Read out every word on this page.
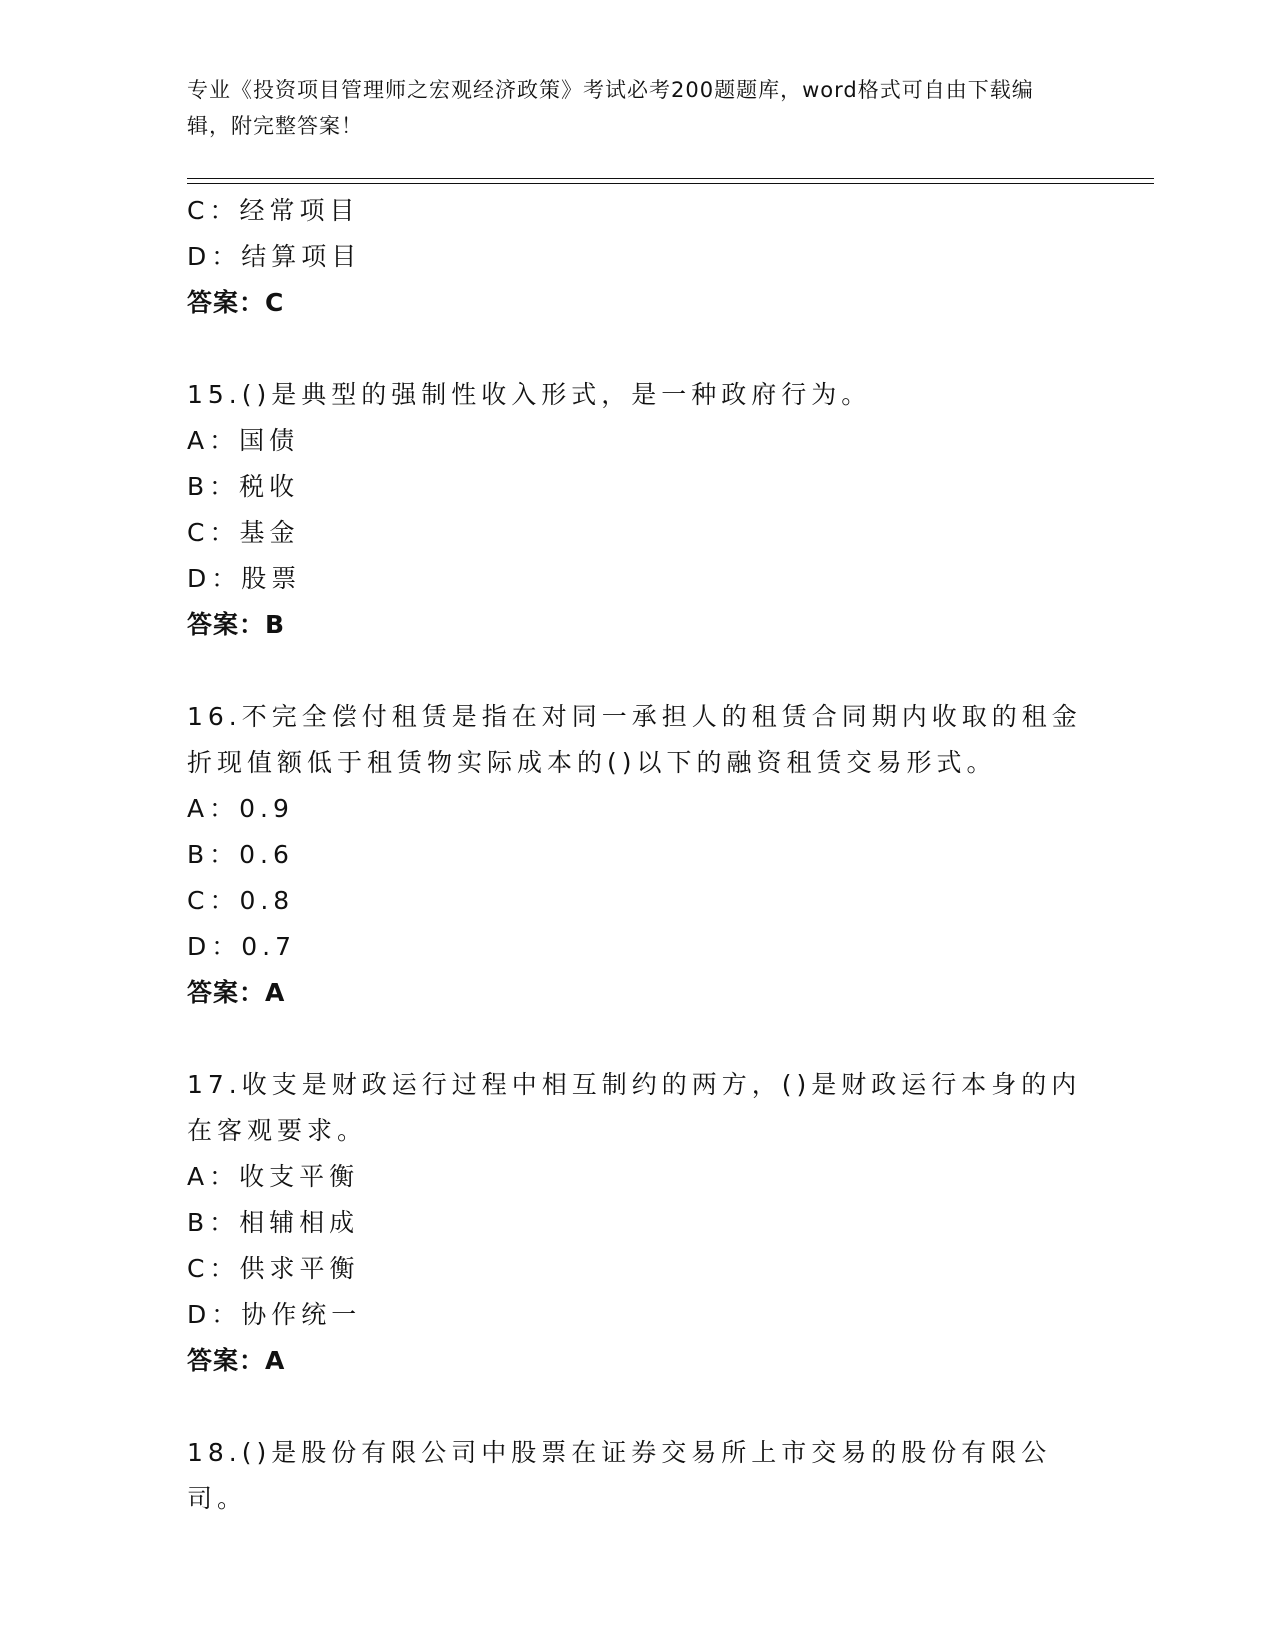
专业《投资项目管理师之宏观经济政策》考试必考200题题库，word格式可自由下载编辑，附完整答案！
C：经常项目
D：结算项目
答案：C
15.()是典型的强制性收入形式，是一种政府行为。
A：国债
B：税收
C：基金
D：股票
答案：B
16.不完全偿付租赁是指在对同一承担人的租赁合同期内收取的租金折现值额低于租赁物实际成本的()以下的融资租赁交易形式。
A：0.9
B：0.6
C：0.8
D：0.7
答案：A
17.收支是财政运行过程中相互制约的两方，()是财政运行本身的内在客观要求。
A：收支平衡
B：相辅相成
C：供求平衡
D：协作统一
答案：A
18.()是股份有限公司中股票在证券交易所上市交易的股份有限公司。
